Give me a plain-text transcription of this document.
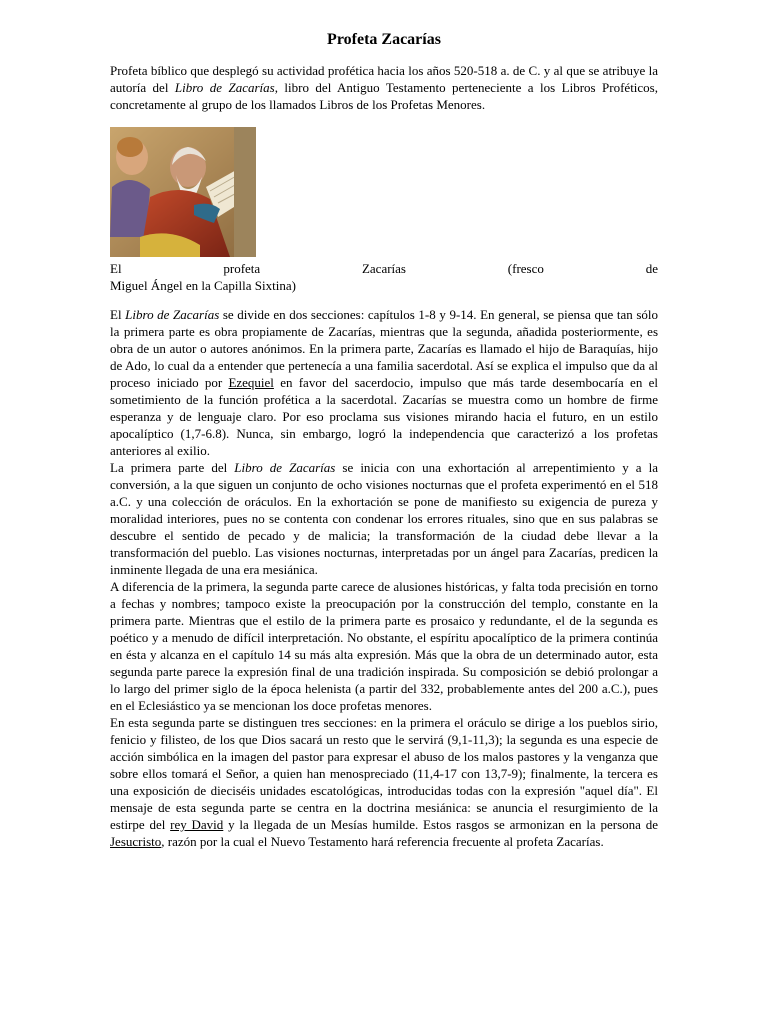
Profeta Zacarías

Profeta bíblico que desplegó su actividad profética hacia los años 520-518 a. de C. y al que se atribuye la autoría del Libro de Zacarías, libro del Antiguo Testamento perteneciente a los Libros Proféticos, concretamente al grupo de los llamados Libros de los Profetas Menores.

El	profeta	Zacarías	(fresco	de
Miguel Ángel en la Capilla Sixtina)

El Libro de Zacarías se divide en dos secciones: capítulos 1-8 y 9-14. En general, se piensa que tan sólo la primera parte es obra propiamente de Zacarías, mientras que la segunda, añadida posteriormente, es obra de un autor o autores anónimos. En la primera parte, Zacarías es llamado el hijo de Baraquías, hijo de Ado, lo cual da a entender que pertenecía a una familia sacerdotal. Así se explica el impulso que da al proceso iniciado por Ezequiel en favor del sacerdocio, impulso que más tarde desembocaría en el sometimiento de la función profética a la sacerdotal. Zacarías se muestra como un hombre de firme esperanza y de lenguaje claro. Por eso proclama sus visiones mirando hacia el futuro, en un estilo apocalíptico (1,7-6.8). Nunca, sin embargo, logró la independencia que caracterizó a los profetas anteriores al exilio.

La primera parte del Libro de Zacarías se inicia con una exhortación al arrepentimiento y a la conversión, a la que siguen un conjunto de ocho visiones nocturnas que el profeta experimentó en el 518 a.C. y una colección de oráculos. En la exhortación se pone de manifiesto su exigencia de pureza y moralidad interiores, pues no se contenta con condenar los errores rituales, sino que en sus palabras se descubre el sentido de pecado y de malicia; la transformación de la ciudad debe llevar a la transformación del pueblo. Las visiones nocturnas, interpretadas por un ángel para Zacarías, predicen la inminente llegada de una era mesiánica.

A diferencia de la primera, la segunda parte carece de alusiones históricas, y falta toda precisión en torno a fechas y nombres; tampoco existe la preocupación por la construcción del templo, constante en la primera parte. Mientras que el estilo de la primera parte es prosaico y redundante, el de la segunda es poético y a menudo de difícil interpretación. No obstante, el espíritu apocalíptico de la primera continúa en ésta y alcanza en el capítulo 14 su más alta expresión. Más que la obra de un determinado autor, esta segunda parte parece la expresión final de una tradición inspirada. Su composición se debió prolongar a lo largo del primer siglo de la época helenista (a partir del 332, probablemente antes del 200 a.C.), pues en el Eclesiástico ya se mencionan los doce profetas menores.

En esta segunda parte se distinguen tres secciones: en la primera el oráculo se dirige a los pueblos sirio, fenicio y filisteo, de los que Dios sacará un resto que le servirá (9,1-11,3); la segunda es una especie de acción simbólica en la imagen del pastor para expresar el abuso de los malos pastores y la venganza que sobre ellos tomará el Señor, a quien han menospreciado (11,4-17 con 13,7-9); finalmente, la tercera es una exposición de dieciséis unidades escatológicas, introducidas todas con la expresión "aquel día". El mensaje de esta segunda parte se centra en la doctrina mesiánica: se anuncia el resurgimiento de la estirpe del rey David y la llegada de un Mesías humilde. Estos rasgos se armonizan en la persona de Jesucristo, razón por la cual el Nuevo Testamento hará referencia frecuente al profeta Zacarías.
